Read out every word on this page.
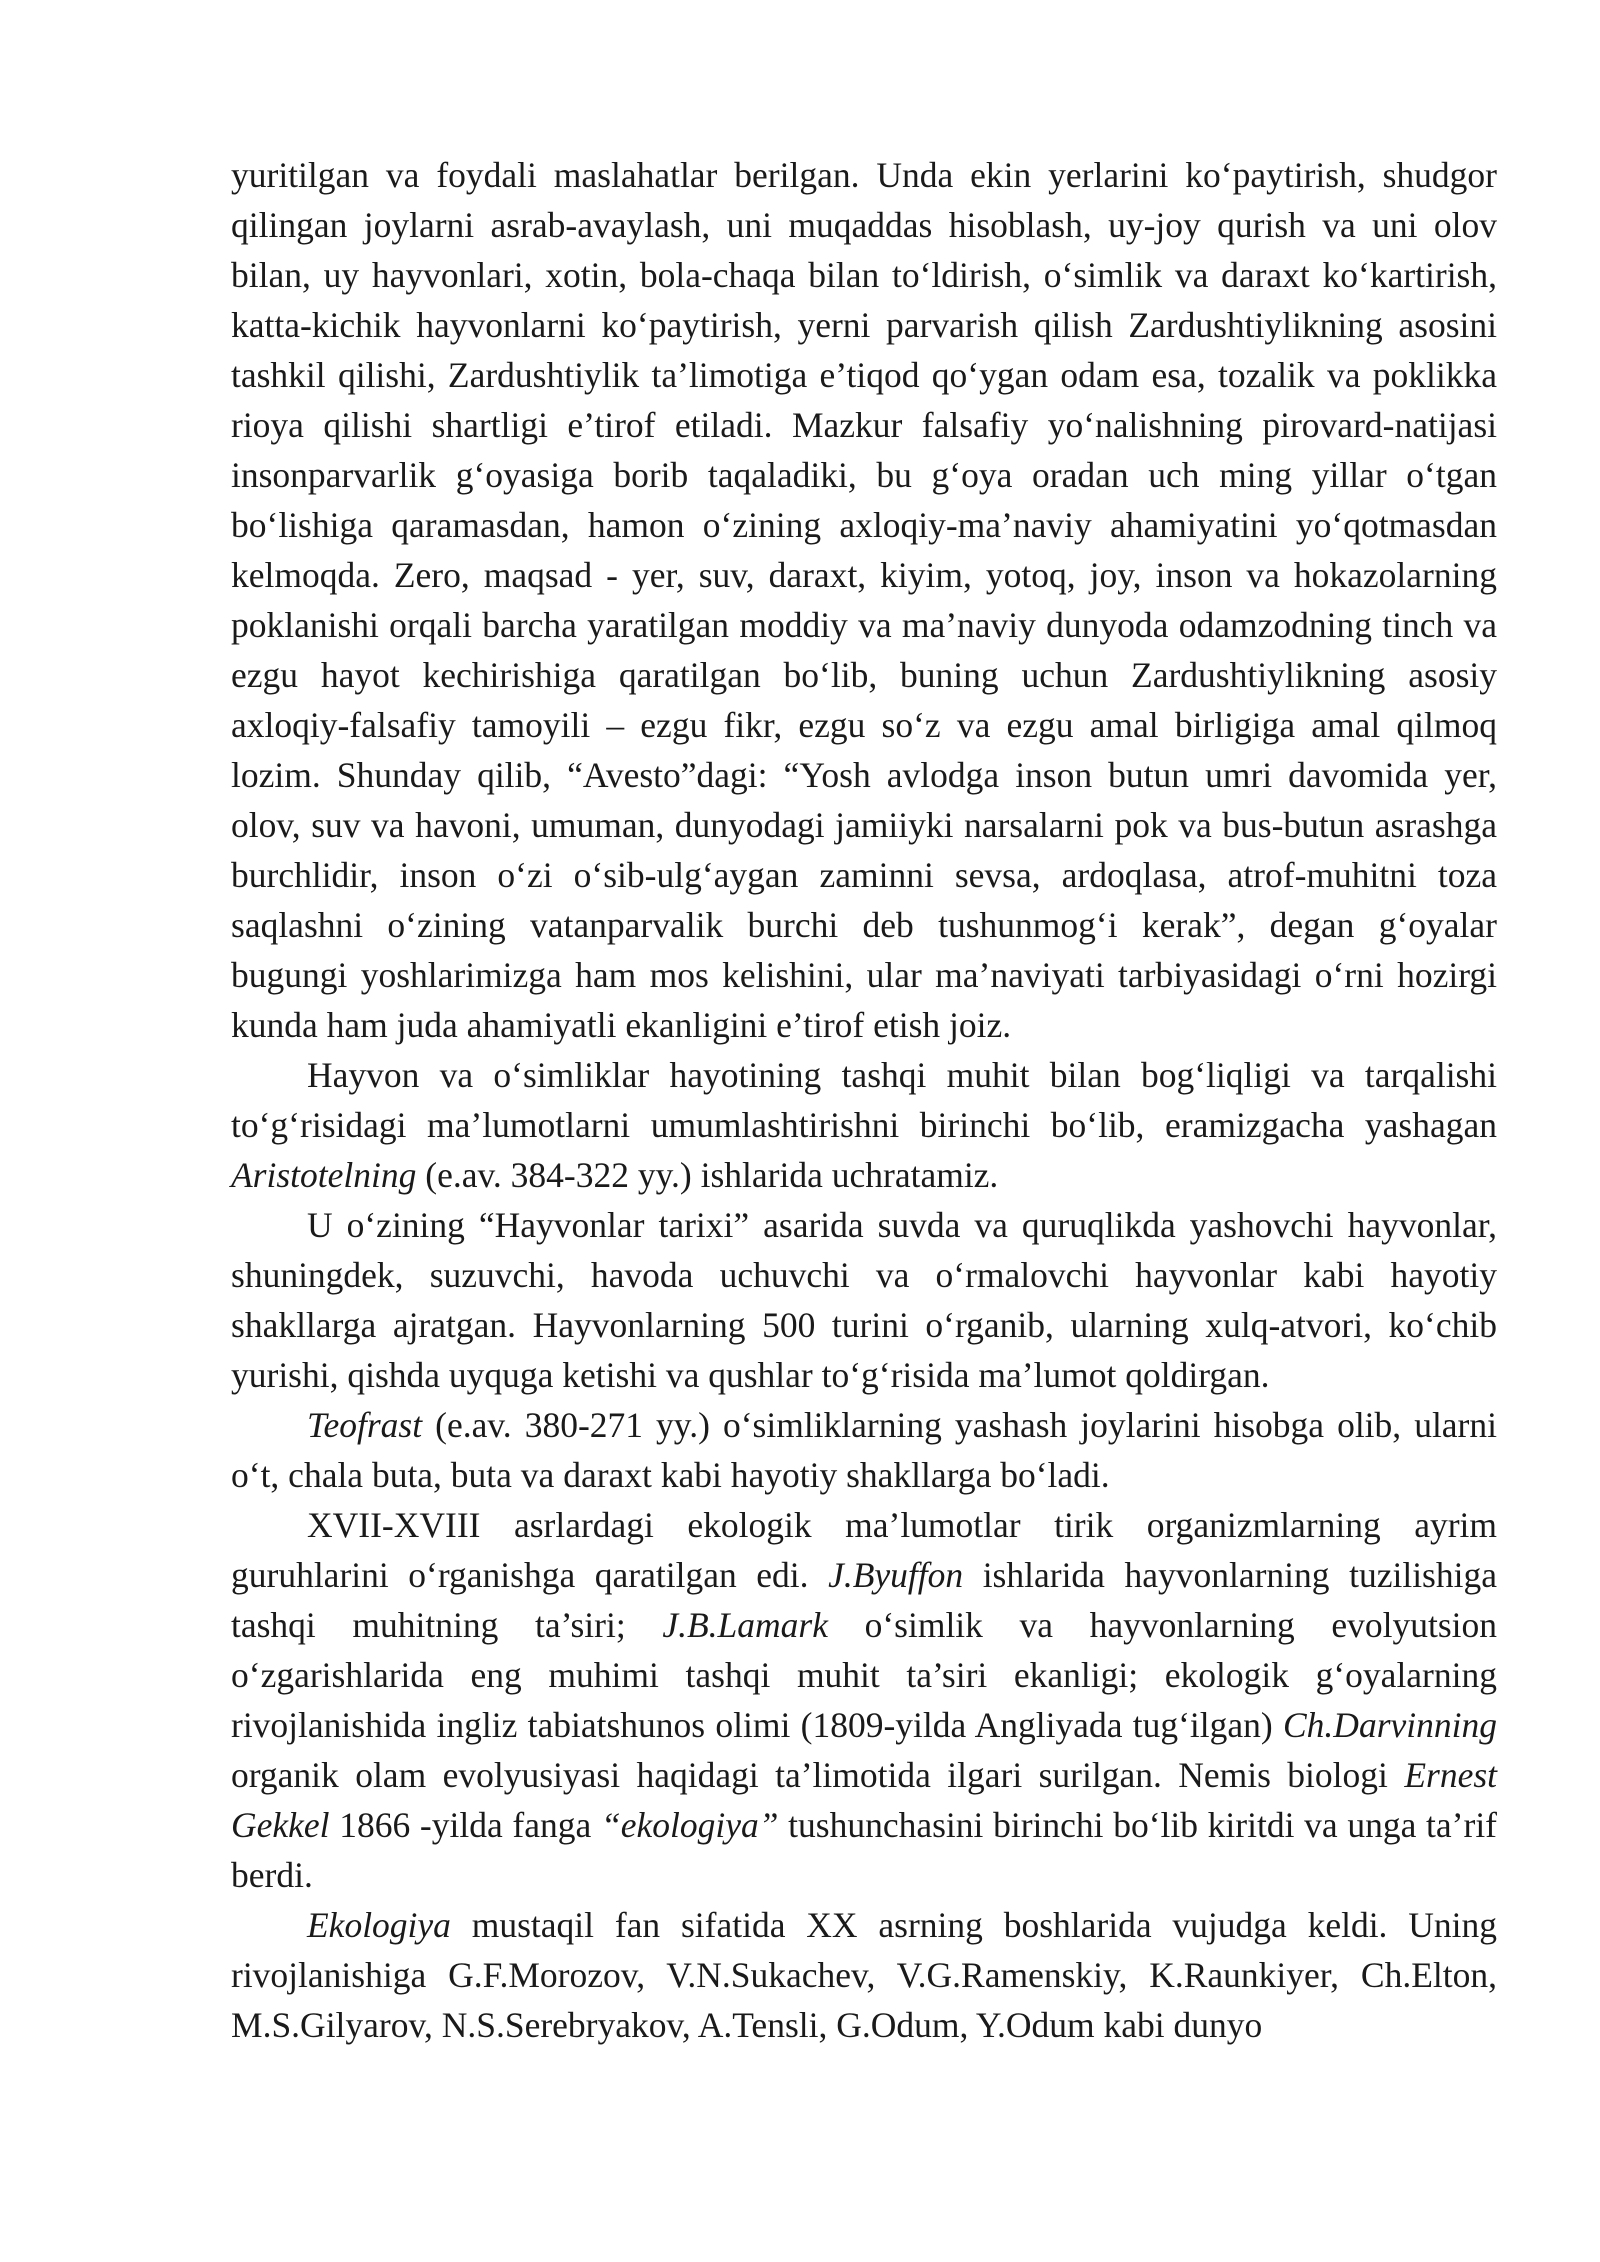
yuritilgan va foydali maslahatlar berilgan. Unda ekin yerlarini ko‘paytirish, shudgor qilingan joylarni asrab-avaylash, uni muqaddas hisoblash, uy-joy qurish va uni olov bilan, uy hayvonlari, xotin, bola-chaqa bilan to‘ldirish, o‘simlik va daraxt ko‘kartirish, katta-kichik hayvonlarni ko‘paytirish, yerni parvarish qilish Zardushtiylikning asosini tashkil qilishi, Zardushtiylik ta’limotiga e’tiqod qo‘ygan odam esa, tozalik va poklikka rioya qilishi shartligi e’tirof etiladi. Mazkur falsafiy yo‘nalishning pirovard-natijasi insonparvarlik g‘oyasiga borib taqaladiki, bu g‘oya oradan uch ming yillar o‘tgan bo‘lishiga qaramasdan, hamon o‘zining axloqiy-ma’naviy ahamiyatini yo‘qotmasdan kelmoqda. Zero, maqsad - yer, suv, daraxt, kiyim, yotoq, joy, inson va hokazolarning poklanishi orqali barcha yaratilgan moddiy va ma’naviy dunyoda odamzodning tinch va ezgu hayot kechirishiga qaratilgan bo‘lib, buning uchun Zardushtiylikning asosiy axloqiy-falsafiy tamoyili – ezgu fikr, ezgu so‘z va ezgu amal birligiga amal qilmoq lozim. Shunday qilib, “Avesto”dagi: “Yosh avlodga inson butun umri davomida yer, olov, suv va havoni, umuman, dunyodagi jamiiyki narsalarni pok va bus-butun asrashga burchlidir, inson o‘zi o‘sib-ulg‘aygan zaminni sevsa, ardoqlasa, atrof-muhitni toza saqlashni o‘zining vatanparvalik burchi deb tushunmog‘i kerak”, degan g‘oyalar bugungi yoshlarimizga ham mos kelishini, ular ma’naviyati tarbiyasidagi o‘rni hozirgi kunda ham juda ahamiyatli ekanligini e’tirof etish joiz.

Hayvon va o‘simliklar hayotining tashqi muhit bilan bog‘liqligi va tarqalishi to‘g‘risidagi ma’lumotlarni umumlashtirishni birinchi bo‘lib, eramizgacha yashagan Aristotelning (e.av. 384-322 yy.) ishlarida uchratamiz.

U o‘zining “Hayvonlar tarixi” asarida suvda va quruqlikda yashovchi hayvonlar, shuningdek, suzuvchi, havoda uchuvchi va o‘rmalovchi hayvonlar kabi hayotiy shakllarga ajratgan. Hayvonlarning 500 turini o‘rganib, ularning xulq-atvori, ko‘chib yurishi, qishda uyquga ketishi va qushlar to‘g‘risida ma’lumot qoldirgan.

Teofrast (e.av. 380-271 yy.) o‘simliklarning yashash joylarini hisobga olib, ularni o‘t, chala buta, buta va daraxt kabi hayotiy shakllarga bo‘ladi.

XVII-XVIII asrlardagi ekologik ma’lumotlar tirik organizmlarning ayrim guruhlarini o‘rganishga qaratilgan edi. J.Byuffon ishlarida hayvonlarning tuzilishiga tashqi muhitning ta’siri; J.B.Lamark o‘simlik va hayvonlarning evolyutsion o‘zgarishlarida eng muhimi tashqi muhit ta’siri ekanligi; ekologik g‘oyalarning rivojlanishida ingliz tabiatshunos olimi (1809-yilda Angliyada tug‘ilgan) Ch.Darvinning organik olam evolyusiyasi haqidagi ta’limotida ilgari surilgan. Nemis biologi Ernest Gekkel 1866 -yilda fanga “ekologiya” tushunchasini birinchi bo‘lib kiritdi va unga ta’rif berdi.

Ekologiya mustaqil fan sifatida XX asrning boshlarida vujudga keldi. Uning rivojlanishiga G.F.Morozov, V.N.Sukachev, V.G.Ramenskiy, K.Raunkiyer, Ch.Elton, M.S.Gilyarov, N.S.Serebryakov, A.Tensli, G.Odum, Y.Odum kabi dunyo
